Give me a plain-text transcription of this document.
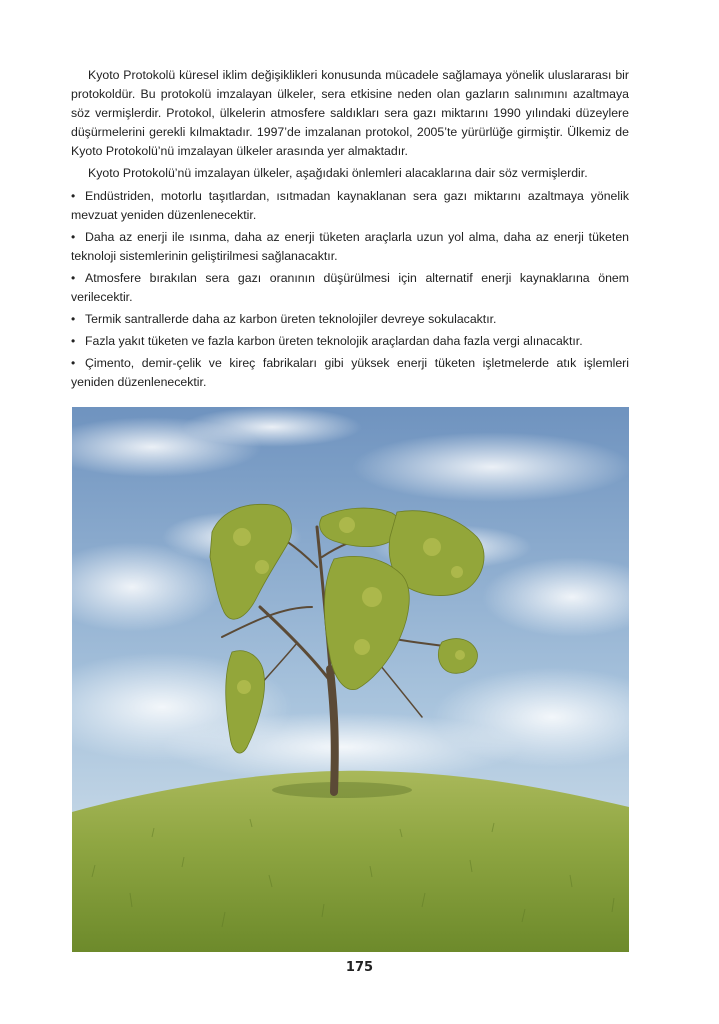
Kyoto Protokolü küresel iklim değişiklikleri konusunda mücadele sağlamaya yönelik uluslararası bir protokoldür. Bu protokolü imzalayan ülkeler, sera etkisine neden olan gazların salınımını azaltmaya söz vermişlerdir. Protokol, ülkelerin atmosfere saldıkları sera gazı miktarını 1990 yılındaki düzeylere düşürmelerini gerekli kılmaktadır. 1997’de imzalanan protokol, 2005’te yürürlüğe girmiştir. Ülkemiz de Kyoto Protokolü’nü imzalayan ülkeler arasında yer almaktadır.

Kyoto Protokolü’nü imzalayan ülkeler, aşağıdaki önlemleri alacaklarına dair söz vermişlerdir.

• Endüstriden, motorlu taşıtlardan, ısıtmadan kaynaklanan sera gazı miktarını azaltmaya yönelik mevzuat yeniden düzenlenecektir.
• Daha az enerji ile ısınma, daha az enerji tüketen araçlarla uzun yol alma, daha az enerji tüketen teknoloji sistemlerinin geliştirilmesi sağlanacaktır.
• Atmosfere bırakılan sera gazı oranının düşürülmesi için alternatif enerji kaynaklarına önem verilecektir.
• Termik santrallerde daha az karbon üreten teknolojiler devreye sokulacaktır.
• Fazla yakıt tüketen ve fazla karbon üreten teknolojik araçlardan daha fazla vergi alınacaktır.
• Çimento, demir-çelik ve kireç fabrikaları gibi yüksek enerji tüketen işletmelerde atık işlemleri yeniden düzenlenecektir.
175
